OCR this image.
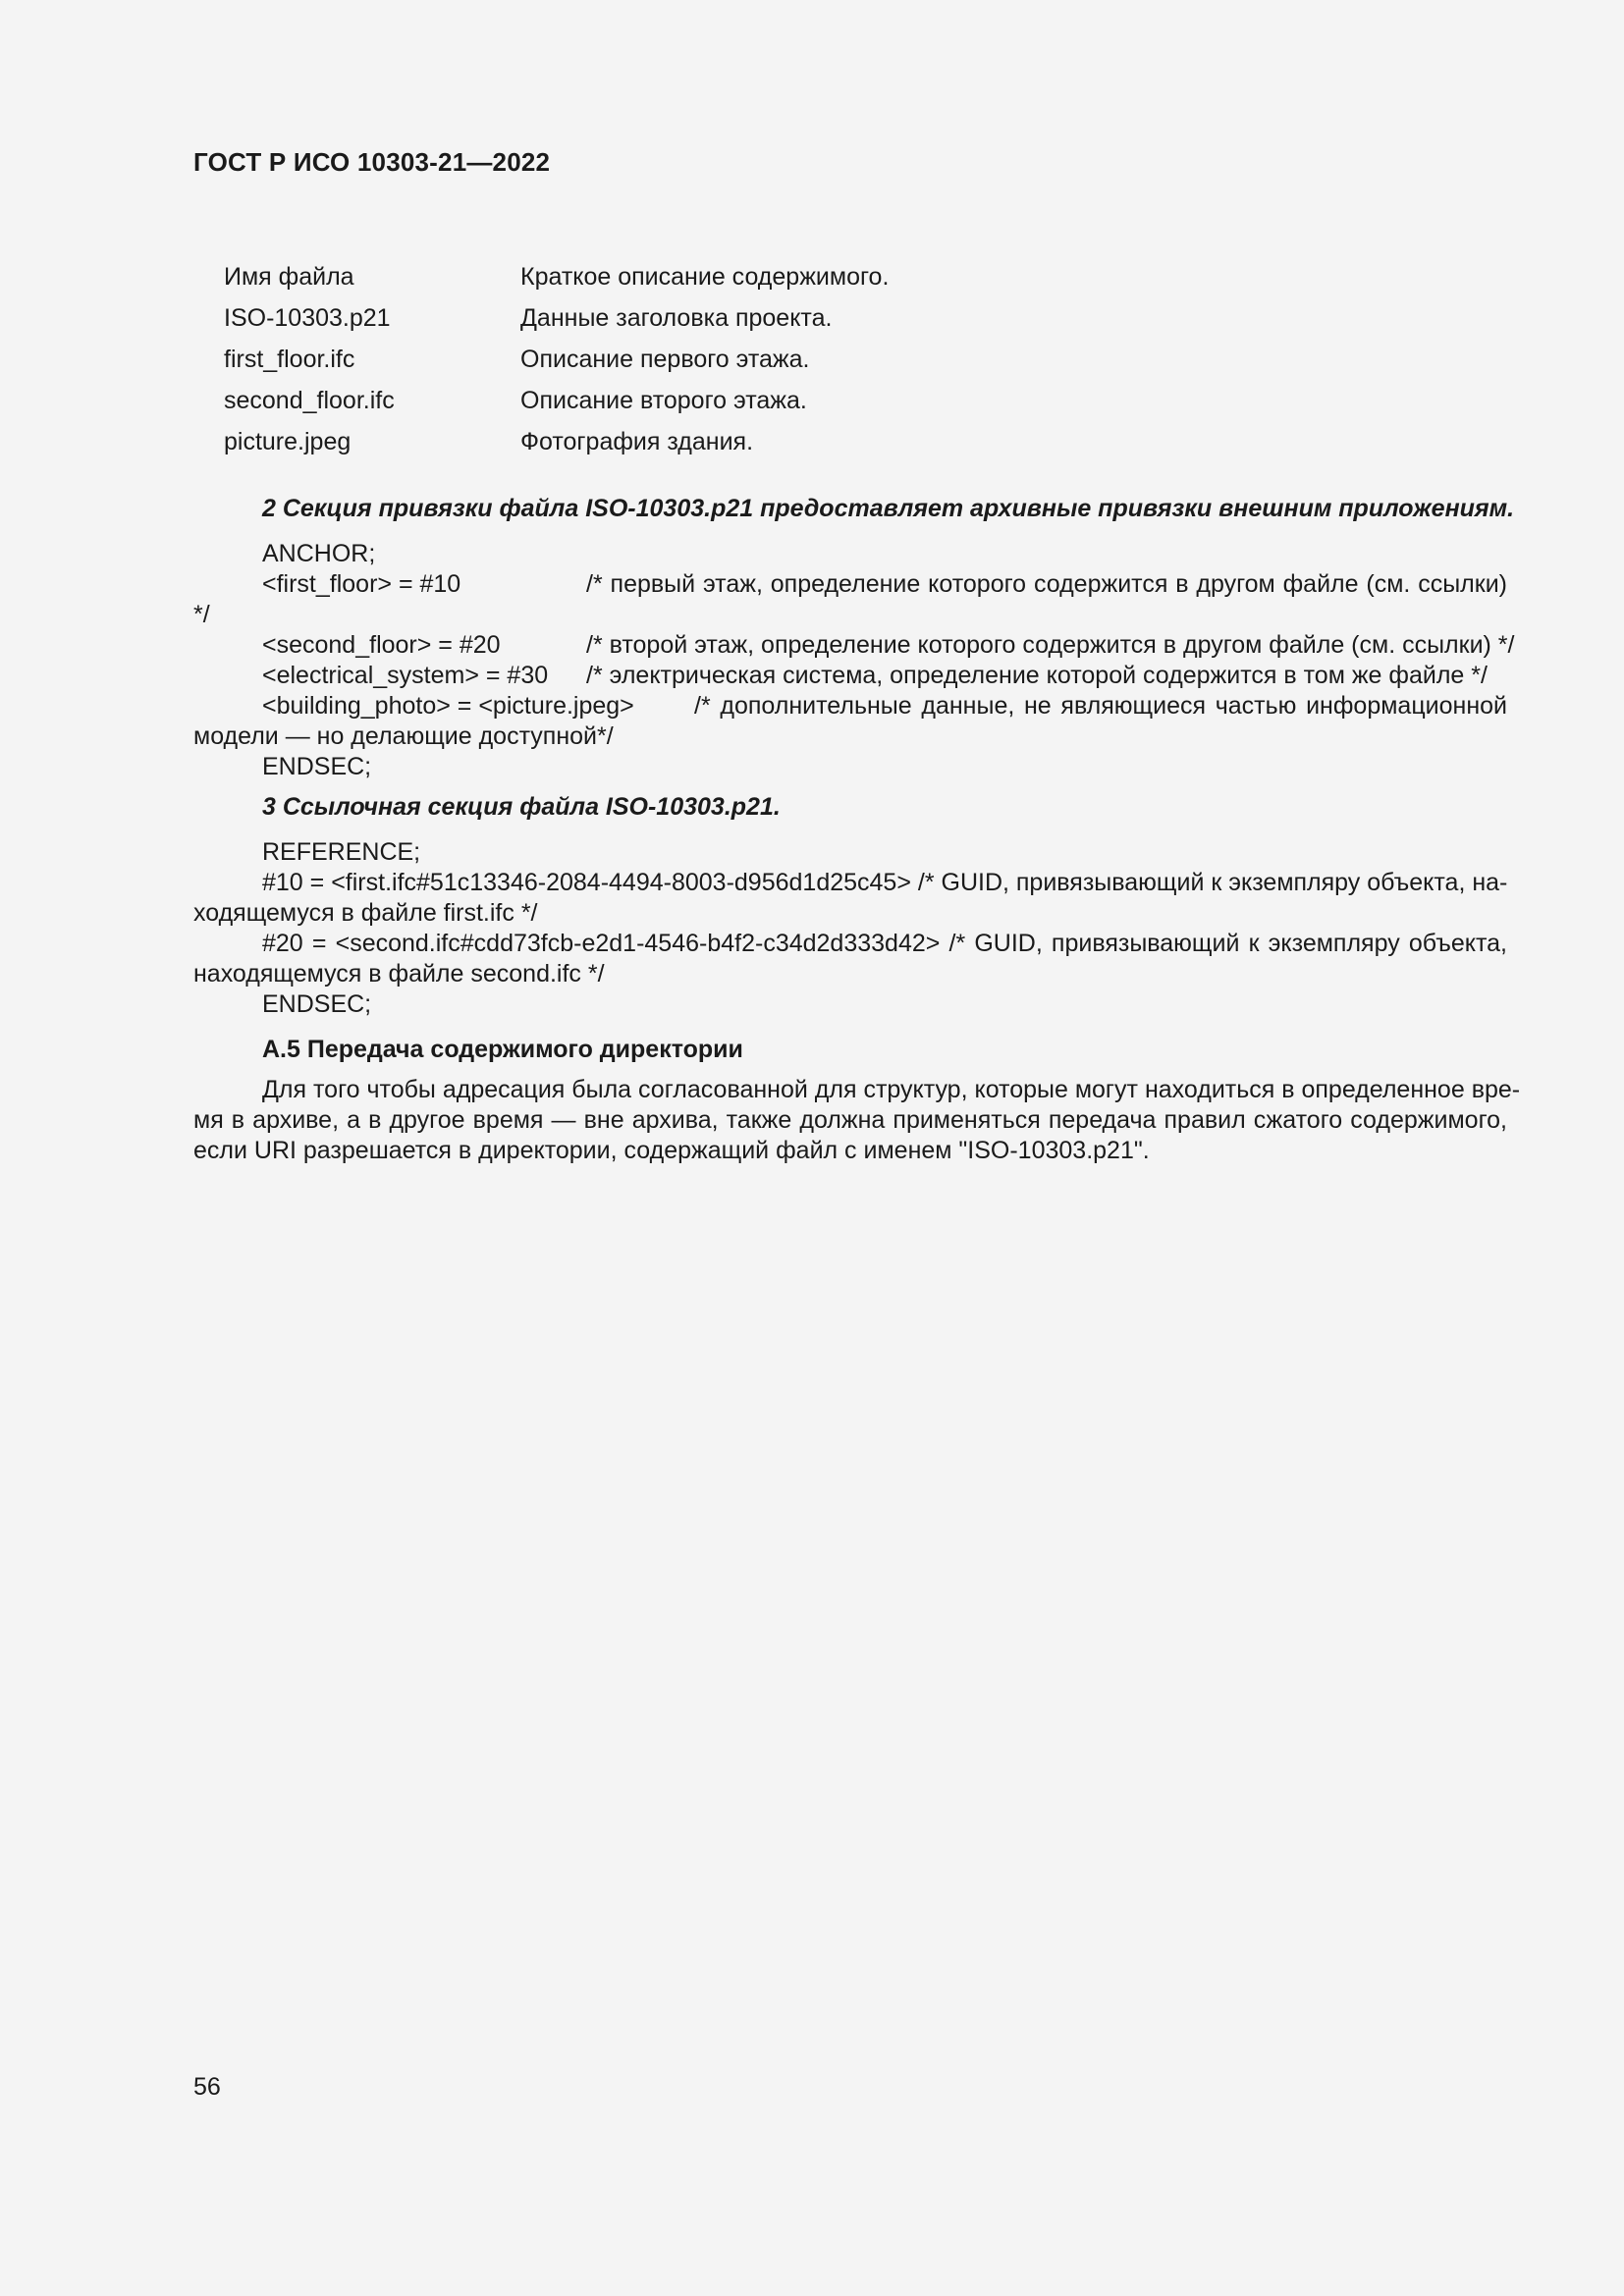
ГОСТ Р ИСО 10303-21—2022
Имя файла	Краткое описание содержимого.
ISO-10303.p21	Данные заголовка проекта.
first_floor.ifc	Описание первого этажа.
second_floor.ifc	Описание второго этажа.
picture.jpeg	Фотография здания.
2 Секция привязки файла ISO-10303.p21 предоставляет архивные привязки внешним приложениям.
ANCHOR;
<first_floor> = #10	/* первый этаж, определение которого содержится в другом файле (см. ссылки)
*/
<second_floor> = #20	/* второй этаж, определение которого содержится в другом файле (см. ссылки) */
<electrical_system> = #30 /* электрическая система, определение которой содержится в том же файле */
<building_photo> = <picture.jpeg> /* дополнительные данные, не являющиеся частью информационной
модели — но делающие доступной*/
ENDSEC;
3 Ссылочная секция файла ISO-10303.p21.
REFERENCE;
#10 = <first.ifc#51c13346-2084-4494-8003-d956d1d25c45> /* GUID, привязывающий к экземпляру объекта, на-
ходящемуся в файле first.ifc */
#20 = <second.ifc#cdd73fcb-e2d1-4546-b4f2-c34d2d333d42> /* GUID, привязывающий к экземпляру объекта,
находящемуся в файле second.ifc */
ENDSEC;
A.5 Передача содержимого директории
Для того чтобы адресация была согласованной для структур, которые могут находиться в определенное вре-
мя в архиве, а в другое время — вне архива, также должна применяться передача правил сжатого содержимого,
если URI разрешается в директории, содержащий файл с именем "ISO-10303.p21".
56
